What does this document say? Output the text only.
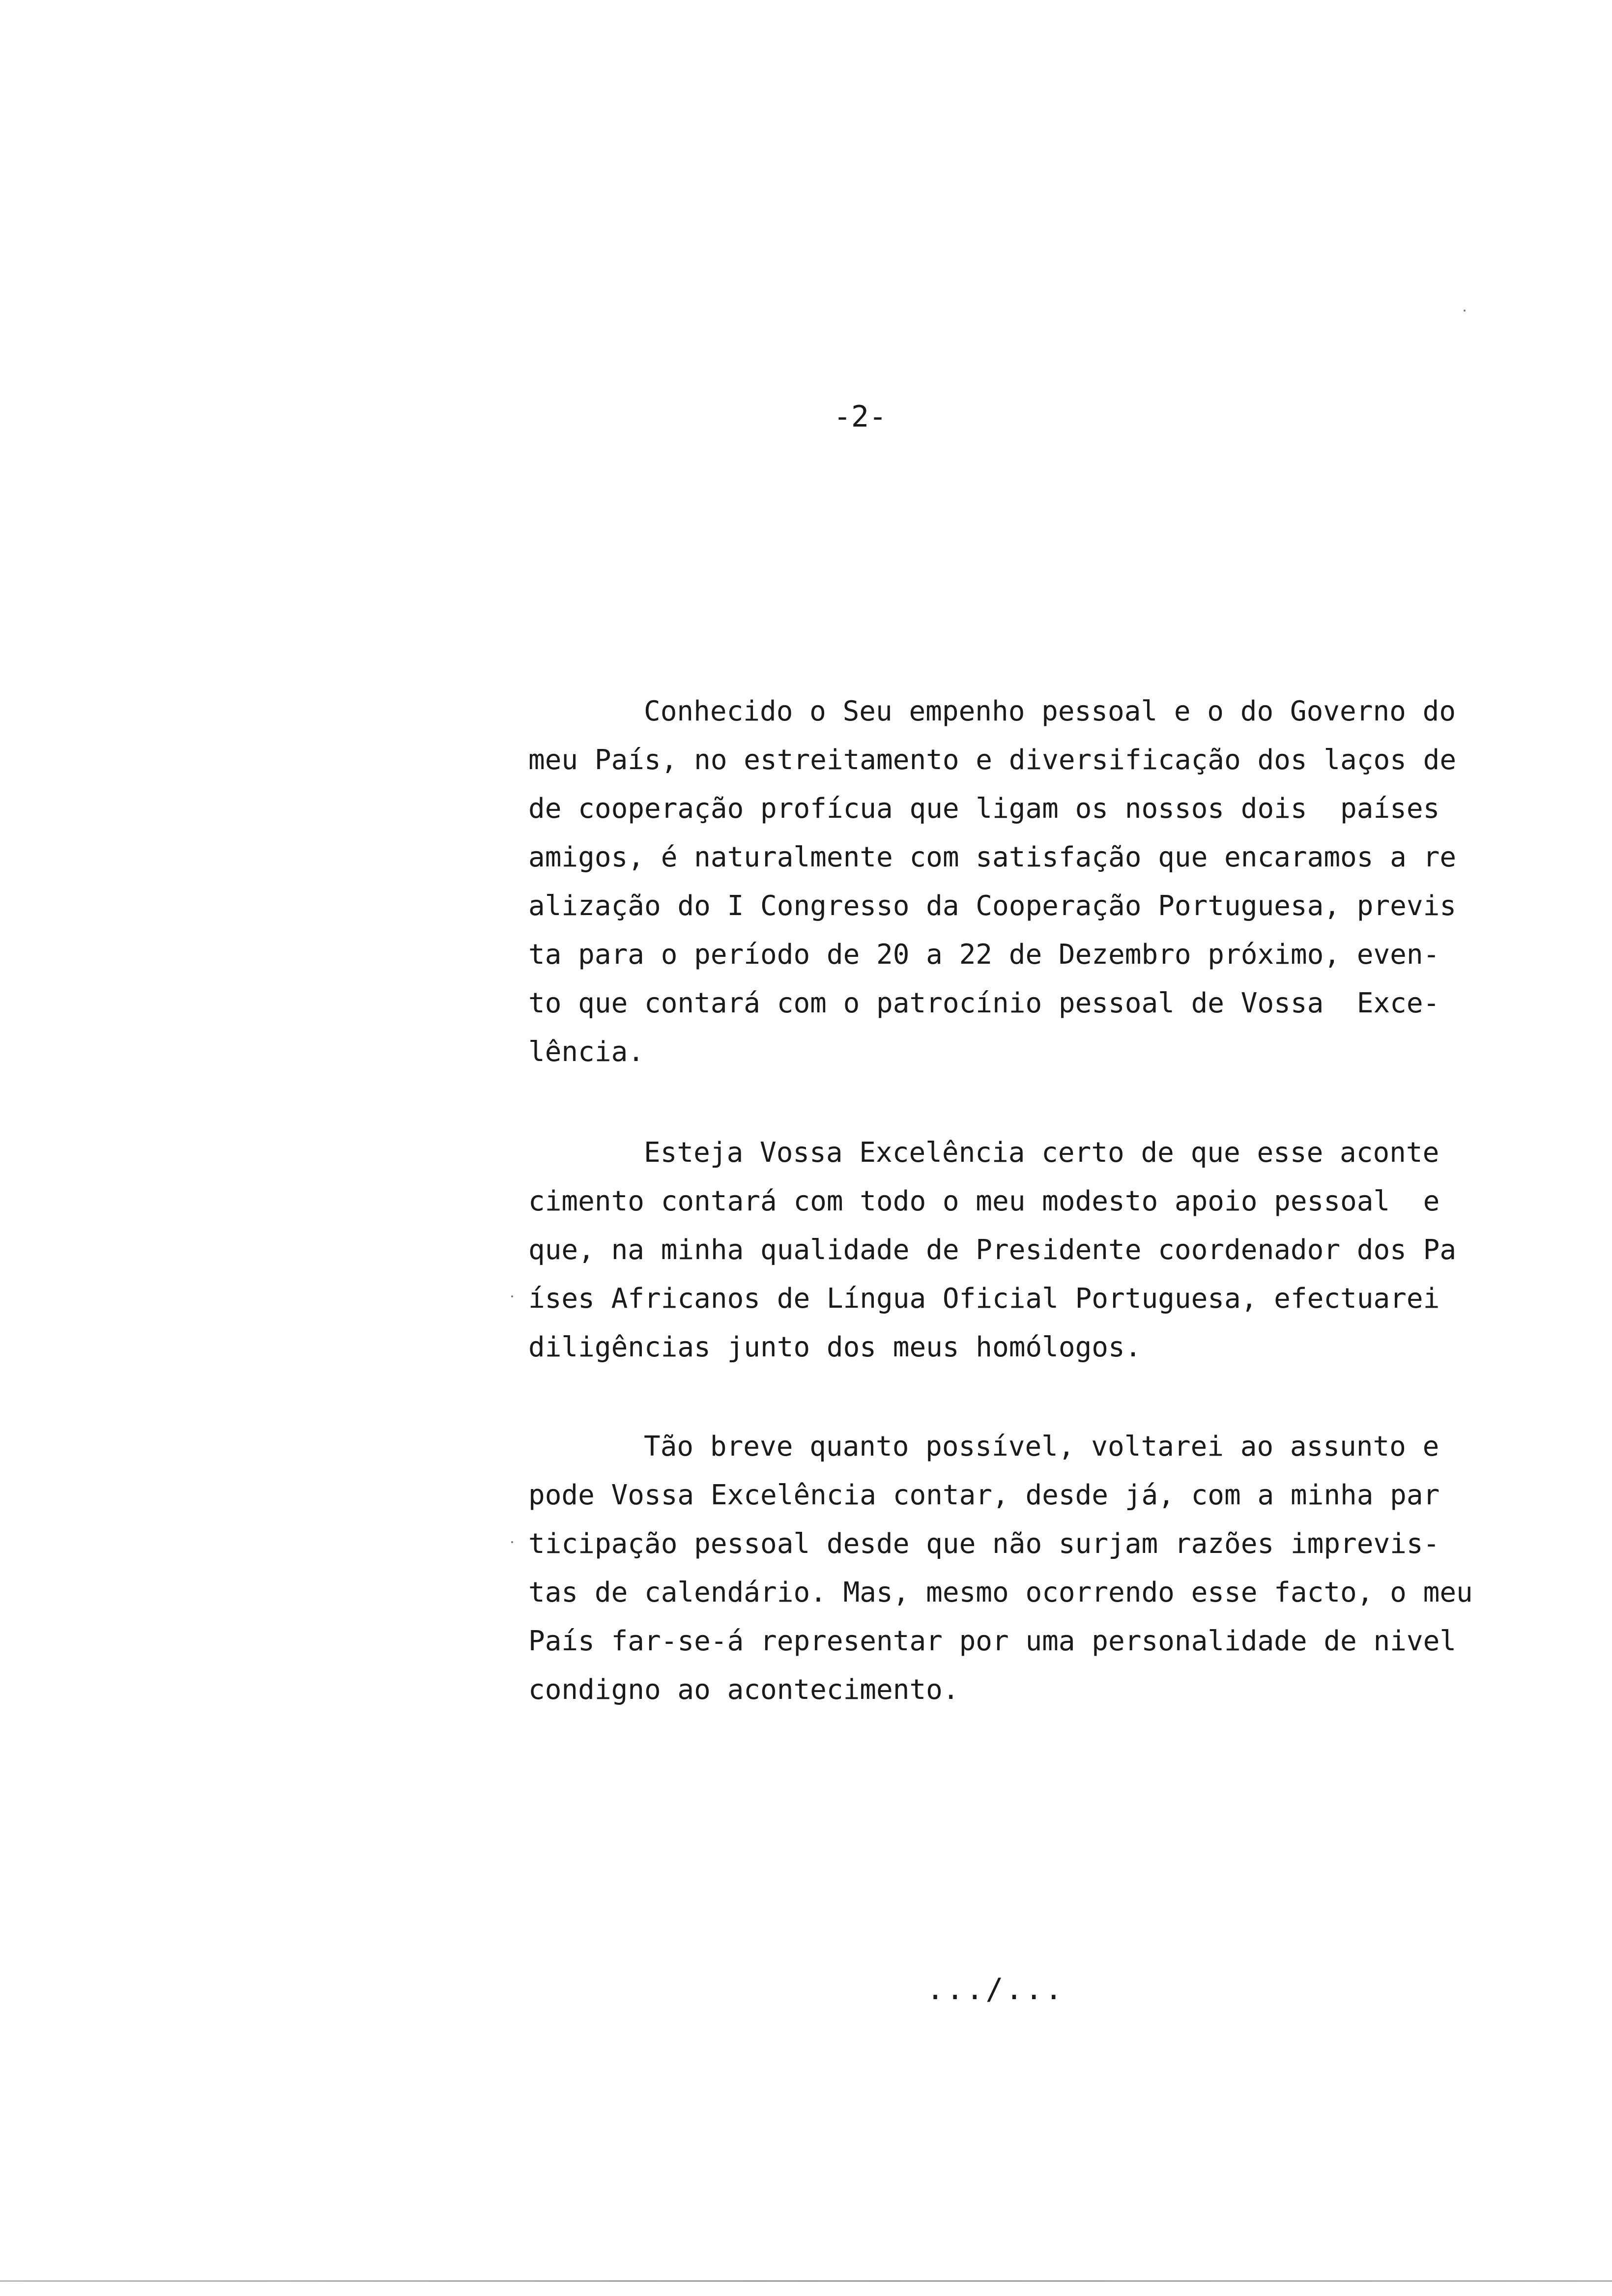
-2-
Conhecido o Seu empenho pessoal e o do Governo do
meu País, no estreitamento e diversificação dos laços de
de cooperação profícua que ligam os nossos dois  países
amigos, é naturalmente com satisfação que encaramos a re
alização do I Congresso da Cooperação Portuguesa, previs
ta para o período de 20 a 22 de Dezembro próximo, even-
to que contará com o patrocínio pessoal de Vossa  Exce-
lência.
Esteja Vossa Excelência certo de que esse aconte
cimento contará com todo o meu modesto apoio pessoal  e
que, na minha qualidade de Presidente coordenador dos Pa
íses Africanos de Língua Oficial Portuguesa, efectuarei
diligências junto dos meus homólogos.
Tão breve quanto possível, voltarei ao assunto e
pode Vossa Excelência contar, desde já, com a minha par
ticipação pessoal desde que não surjam razões imprevis-
tas de calendário. Mas, mesmo ocorrendo esse facto, o meu
País far-se-á representar por uma personalidade de nivel
condigno ao acontecimento.
.../...
